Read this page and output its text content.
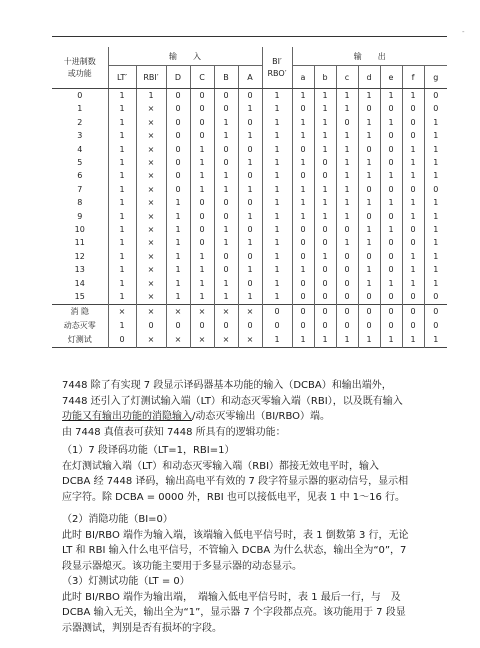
-
十进制数
或功能	输　　入						BI′
RBO′	输　　出						
	LT′	RBI′	D	C	B	A		a	b	c	d	e	f	g
0	1	1	0	0	0	0	1	1	1	1	1	1	1	0
1	1	×	0	0	0	1	1	0	1	1	0	0	0	0
2	1	×	0	0	1	0	1	1	1	0	1	1	0	1
3	1	×	0	0	1	1	1	1	1	1	1	0	0	1
4	1	×	0	1	0	0	1	0	1	1	0	0	1	1
5	1	×	0	1	0	1	1	1	0	1	1	0	1	1
6	1	×	0	1	1	0	1	0	0	1	1	1	1	1
7	1	×	0	1	1	1	1	1	1	1	0	0	0	0
8	1	×	1	0	0	0	1	1	1	1	1	1	1	1
9	1	×	1	0	0	1	1	1	1	1	0	0	1	1
10	1	×	1	0	1	0	1	0	0	0	1	1	0	1
11	1	×	1	0	1	1	1	0	0	1	1	0	0	1
12	1	×	1	1	0	0	1	0	1	0	0	0	1	1
13	1	×	1	1	0	1	1	1	0	0	1	0	1	1
14	1	×	1	1	1	0	1	0	0	0	1	1	1	1
15	1	×	1	1	1	1	1	0	0	0	0	0	0	0
消 隐	×	×	×	×	×	×	0	0	0	0	0	0	0	0
动态灭零	1	0	0	0	0	0	0	0	0	0	0	0	0	0
灯测试	0	×	×	×	×	×	1	1	1	1	1	1	1	1

7448 除了有实现 7 段显示译码器基本功能的输入（DCBA）和输出端外，

7448 还引入了灯测试输入端（LT）和动态灭零输入端（RBI），以及既有输入

功能又有输出功能的消隐输入/动态灭零输出（BI/RBO）端。

由 7448 真值表可获知 7448 所具有的逻辑功能：

（1）7 段译码功能（LT=1，RBI=1）

在灯测试输入端（LT）和动态灭零输入端（RBI）都接无效电平时，输入

DCBA 经 7448 译码，输出高电平有效的 7 段字符显示器的驱动信号，显示相

应字符。除 DCBA = 0000 外，RBI 也可以接低电平，见表 1 中 1～16 行。

（2）消隐功能（BI=0）

此时 BI/RBO 端作为输入端，该端输入低电平信号时，表 1 倒数第 3 行，无论

LT 和 RBI 输入什么电平信号，不管输入 DCBA 为什么状态，输出全为“0”，7

段显示器熄灭。该功能主要用于多显示器的动态显示。

（3）灯测试功能（LT = 0）

此时 BI/RBO 端作为输出端，　端输入低电平信号时，表 1 最后一行，与　及

DCBA 输入无关，输出全为“1”，显示器 7 个字段都点亮。该功能用于 7 段显

示器测试，判别是否有损坏的字段。
